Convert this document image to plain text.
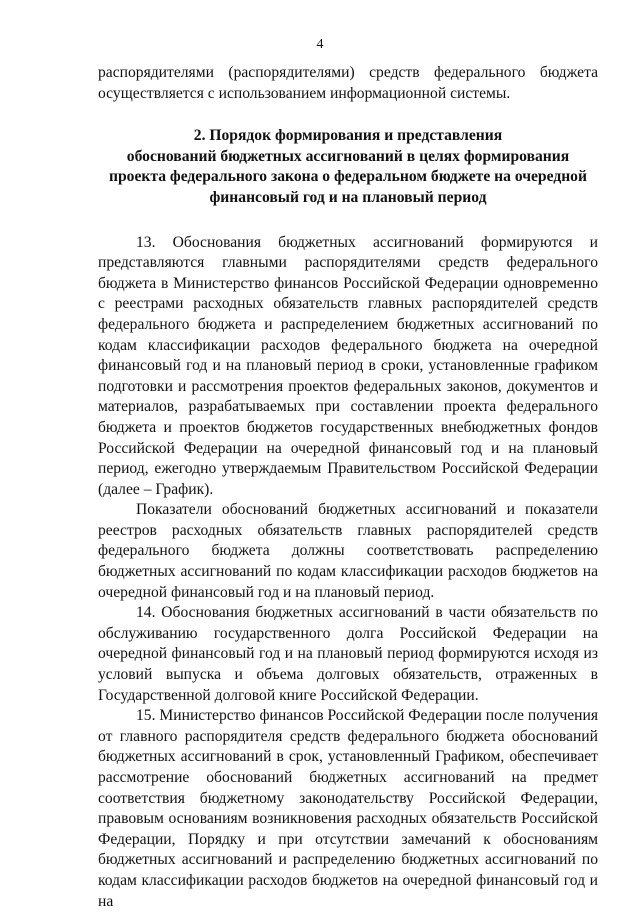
4

распорядителями (распорядителями) средств федерального бюджета осуществляется с использованием информационной системы.

2. Порядок формирования и представления
обоснований бюджетных ассигнований в целях формирования
проекта федерального закона о федеральном бюджете на очередной
финансовый год и на плановый период

13. Обоснования бюджетных ассигнований формируются и представляются главными распорядителями средств федерального бюджета в Министерство финансов Российской Федерации одновременно с реестрами расходных обязательств главных распорядителей средств федерального бюджета и распределением бюджетных ассигнований по кодам классификации расходов федерального бюджета на очередной финансовый год и на плановый период в сроки, установленные графиком подготовки и рассмотрения проектов федеральных законов, документов и материалов, разрабатываемых при составлении проекта федерального бюджета и проектов бюджетов государственных внебюджетных фондов Российской Федерации на очередной финансовый год и на плановый период, ежегодно утверждаемым Правительством Российской Федерации (далее – График).

Показатели обоснований бюджетных ассигнований и показатели реестров расходных обязательств главных распорядителей средств федерального бюджета должны соответствовать распределению бюджетных ассигнований по кодам классификации расходов бюджетов на очередной финансовый год и на плановый период.

14. Обоснования бюджетных ассигнований в части обязательств по обслуживанию государственного долга Российской Федерации на очередной финансовый год и на плановый период формируются исходя из условий выпуска и объема долговых обязательств, отраженных в Государственной долговой книге Российской Федерации.

15. Министерство финансов Российской Федерации после получения от главного распорядителя средств федерального бюджета обоснований бюджетных ассигнований в срок, установленный Графиком, обеспечивает рассмотрение обоснований бюджетных ассигнований на предмет соответствия бюджетному законодательству Российской Федерации, правовым основаниям возникновения расходных обязательств Российской Федерации, Порядку и при отсутствии замечаний к обоснованиям бюджетных ассигнований и распределению бюджетных ассигнований по кодам классификации расходов бюджетов на очередной финансовый год и на
